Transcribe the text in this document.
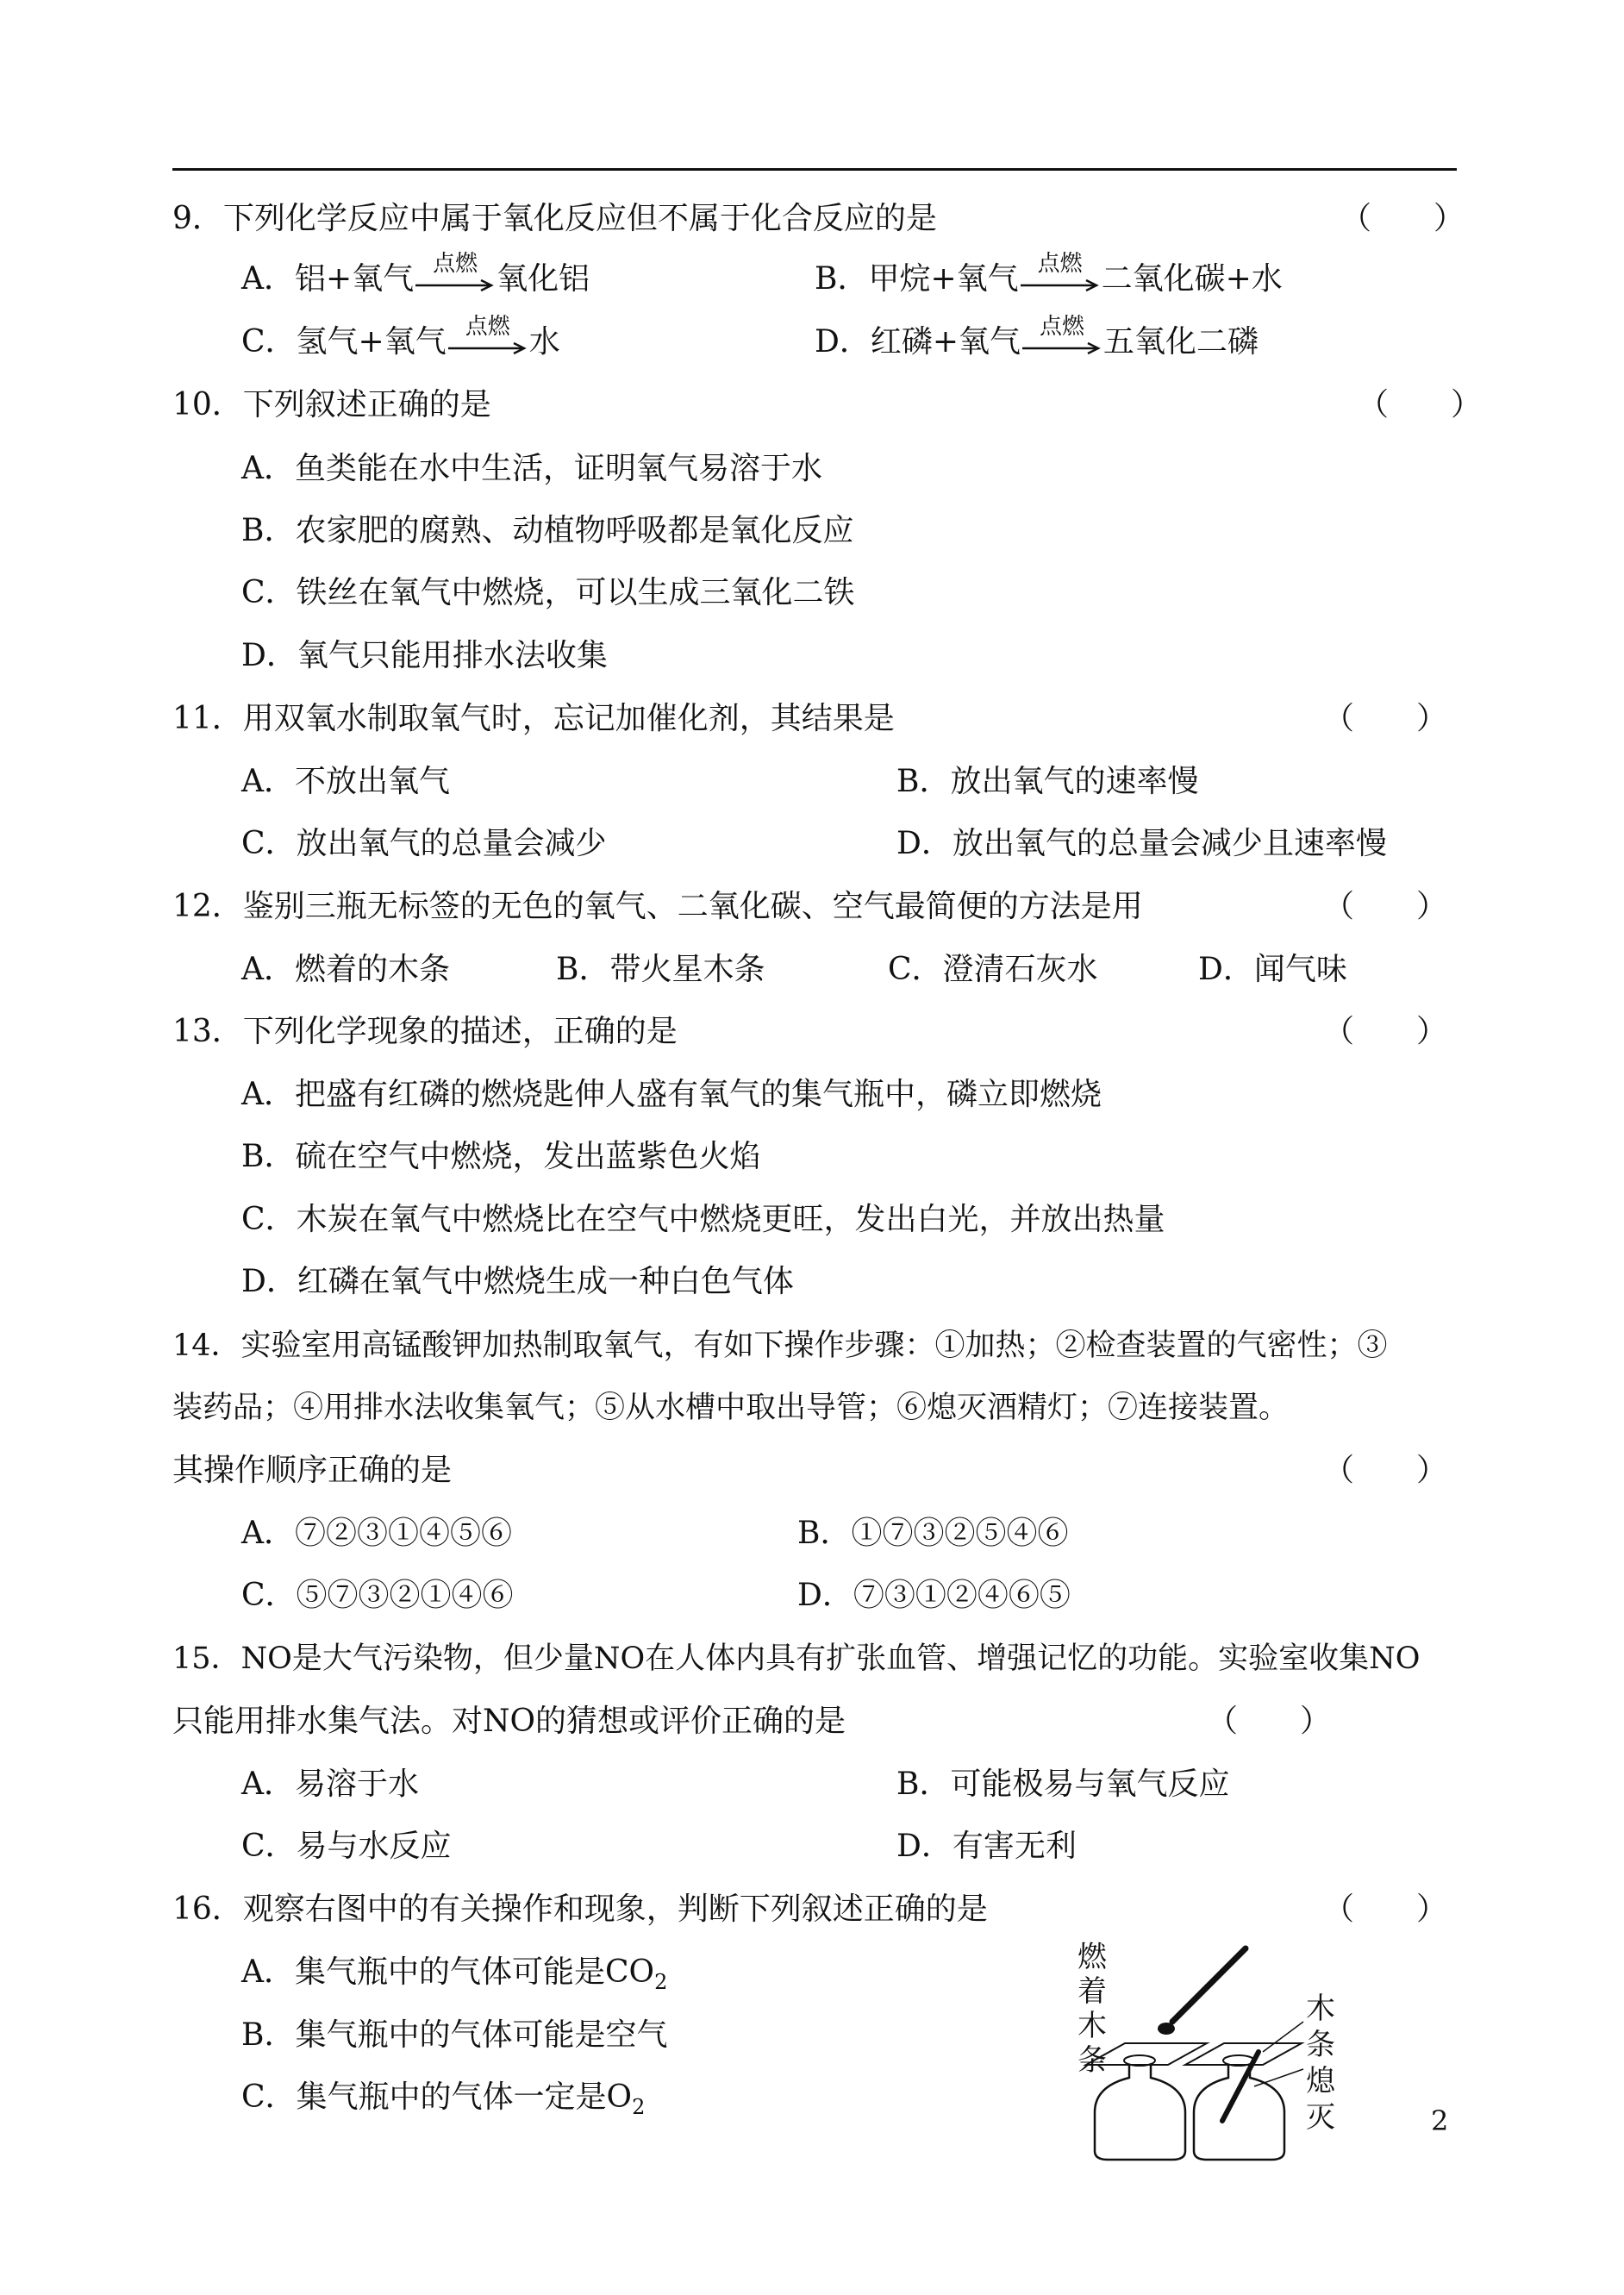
9．下列化学反应中属于氧化反应但不属于化合反应的是	（　　）
A．铝+氧气 点燃 氧化铝	B．甲烷+氧气 点燃 二氧化碳+水
C．氢气+氧气 点燃 水	D．红磷+氧气 点燃 五氧化二磷
10．下列叙述正确的是	（　　）
A．鱼类能在水中生活，证明氧气易溶于水
B．农家肥的腐熟、动植物呼吸都是氧化反应
C．铁丝在氧气中燃烧，可以生成三氧化二铁
D．氧气只能用排水法收集
11．用双氧水制取氧气时，忘记加催化剂，其结果是	（　　）
A．不放出氧气	B．放出氧气的速率慢
C．放出氧气的总量会减少	D．放出氧气的总量会减少且速率慢
12．鉴别三瓶无标签的无色的氧气、二氧化碳、空气最简便的方法是用	（　　）
A．燃着的木条	B．带火星木条	C．澄清石灰水	D．闻气味
13．下列化学现象的描述，正确的是	（　　）
A．把盛有红磷的燃烧匙伸人盛有氧气的集气瓶中，磷立即燃烧
B．硫在空气中燃烧，发出蓝紫色火焰
C．木炭在氧气中燃烧比在空气中燃烧更旺，发出白光，并放出热量
D．红磷在氧气中燃烧生成一种白色气体
14．实验室用高锰酸钾加热制取氧气，有如下操作步骤：①加热；②检查装置的气密性；③
装药品；④用排水法收集氧气；⑤从水槽中取出导管；⑥熄灭酒精灯；⑦连接装置。
其操作顺序正确的是	（　　）
A．⑦②③①④⑤⑥	B．①⑦③②⑤④⑥
C．⑤⑦③②①④⑥	D．⑦③①②④⑥⑤
15．NO是大气污染物，但少量NO在人体内具有扩张血管、增强记忆的功能。实验室收集NO
只能用排水集气法。对NO的猜想或评价正确的是	（　　）
A．易溶于水	B．可能极易与氧气反应
C．易与水反应	D．有害无利
16．观察右图中的有关操作和现象，判断下列叙述正确的是	（　　）
A．集气瓶中的气体可能是$CO_2$
B．集气瓶中的气体可能是空气
C．集气瓶中的气体一定是$O_2$
燃着木条
木
条
熄
灭	2
